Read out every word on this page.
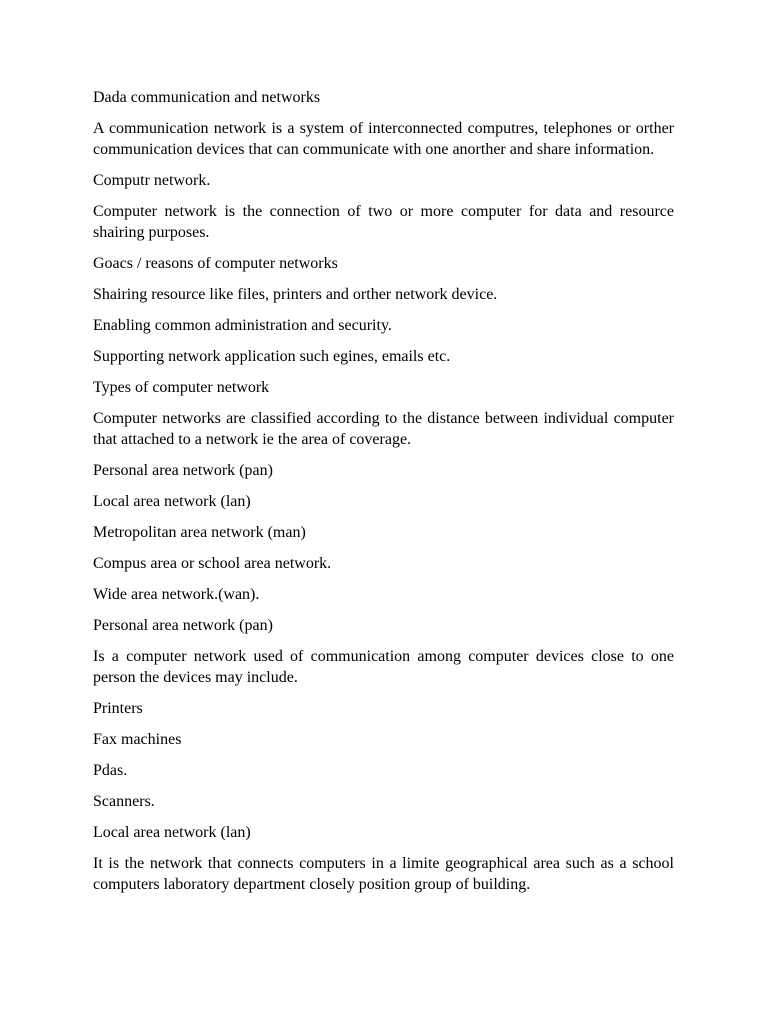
Dada communication and networks

A communication network is a system of interconnected computres, telephones or orther communication devices that can communicate with one anorther and share information.

Computr network.

Computer network is the connection of two or more computer for data and resource shairing purposes.

Goacs / reasons of computer networks

Shairing resource like files, printers and orther network device.

Enabling common administration and security.

Supporting network application such egines, emails etc.

Types of computer network

Computer networks are classified according to the distance between individual computer that attached to a network ie the area of coverage.

Personal area network (pan)

Local area network (lan)

Metropolitan area network (man)

Compus area or school area network.

Wide area network.(wan).

Personal area network (pan)

Is a computer network used of communication among computer devices close to one person the devices may include.

Printers

Fax machines

Pdas.

Scanners.

Local area network (lan)

It is the network that connects computers in a limite geographical area such as a school computers laboratory department closely position group of building.
